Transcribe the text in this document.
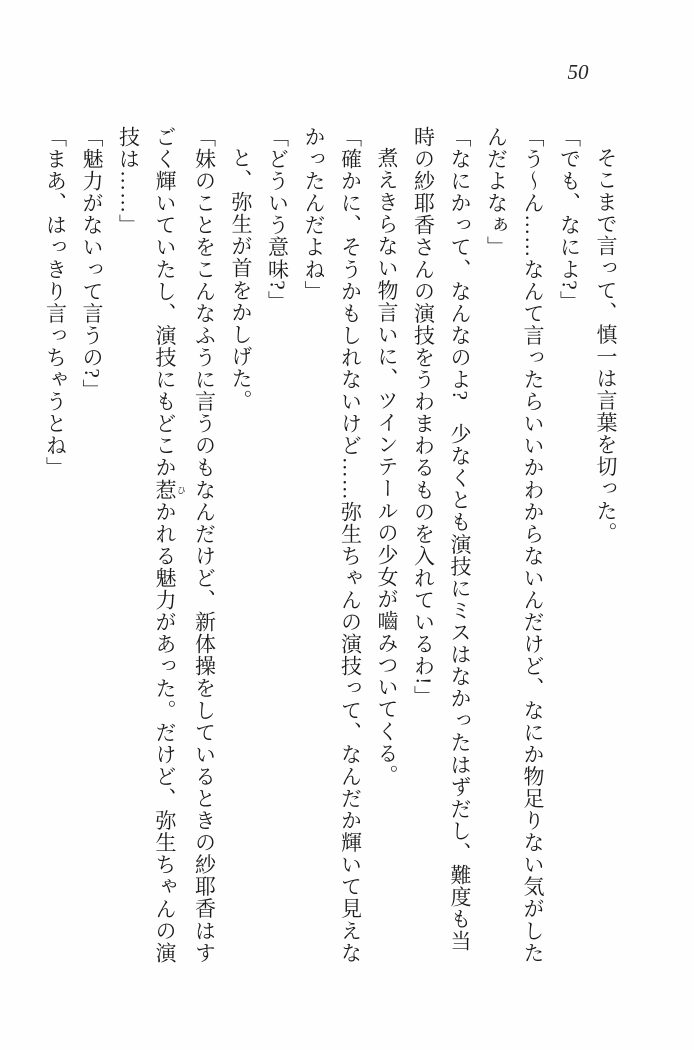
50

そこまで言って、慎一は言葉を切った。

「でも、なによ?」

「う〜ん……なんて言ったらいいかわからないんだけど、なにか物足りない気がした

んだよなぁ」

「なにかって、なんなのよ?　少なくとも演技にミスはなかったはずだし、難度も当

時の紗耶香さんの演技をうわまわるものを入れているわ!」

煮えきらない物言いに、ツインテールの少女が嚙みついてくる。

「確かに、そうかもしれないけど……弥生ちゃんの演技って、なんだか輝いて見えな

かったんだよね」

「どういう意味?」

と、弥生が首をかしげた。

「妹のことをこんなふうに言うのもなんだけど、新体操をしているときの紗耶香はす

ごく輝いていたし、演技にもどこか惹 ひかれる魅力があった。だけど、弥生ちゃんの演

技は……」

「魅力がないって言うの?」

「まあ、はっきり言っちゃうとね」
